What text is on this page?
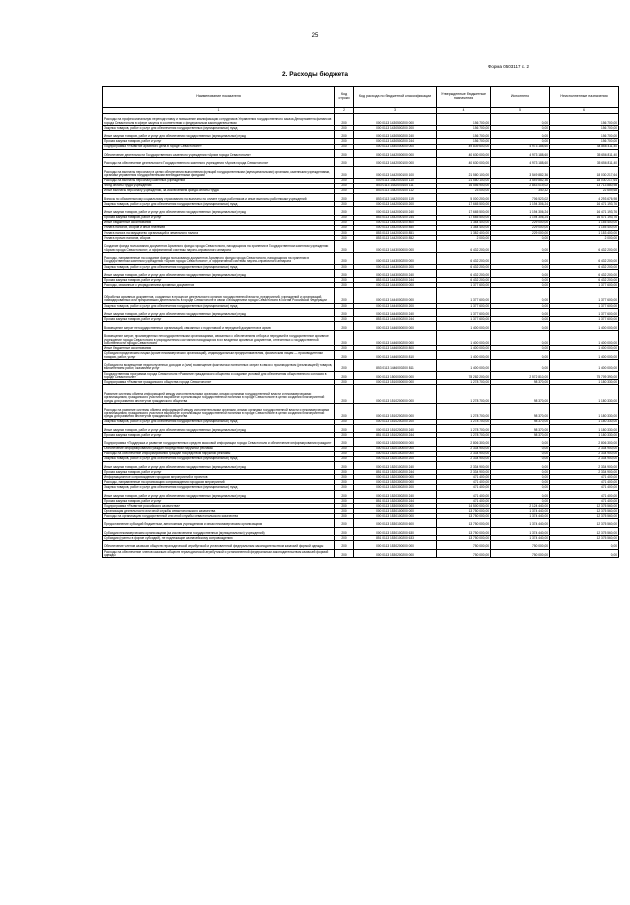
25
Форма 0503117 с. 2
2. Расходы бюджета
Наименование показателя	Код строки	Код расхода по бюджетной классификации	Утвержденные бюджетные назначения	Исполнено	Неисполненные назначения
1	2	3	4	5	6
Расходы на профессиональную переподготовку и повышение квалификации сотрудников Управления государственного заказа Департамента финансов города Севастополя в сфере закупок в соответствии с федеральным законодательством	200	000 0113 1430500200 000	156 700,00	0,00	156 700,00
Закупка товаров, работ и услуг для обеспечения государственных (муниципальных) нужд	200	000 0113 1430500200 200	156 700,00	0,00	156 700,00
Иные закупки товаров, работ и услуг для обеспечения государственных (муниципальных) нужд	200	000 0113 1430500200 240	156 700,00	0,00	156 700,00
Прочая закупка товаров, работ и услуг	200	000 0113 1430500200 244	156 700,00	0,00	156 700,00
Подпрограмма «Развитие архивного дела в городе Севастополе»	200	000 0113 1440000000 000	49 839 600,00	4 973 188,60	44 866 411,40
Обеспечение деятельности Государственного казенного учреждения «Архив города Севастополя»	200	000 0113 1442000000 000	40 630 000,00	4 973 188,60	35 656 811,40
Расходы на обеспечение деятельности Государственного казенного учреждения «Архив города Севастополя»	200	000 0113 1442000100 000	40 630 000,00	4 973 188,60	35 656 811,40
Расходы на выплаты персоналу в целях обеспечения выполнения функций государственными (муниципальными) органами, казенными учреждениями, органами управления государственными внебюджетными фондами	200	000 0113 1442000100 100	21 580 100,00	3 549 882,36	18 030 217,64
Расходы на выплаты персоналу казенных учреждений	200	000 0113 1442000100 110	21 580 100,00	3 549 882,36	18 030 217,64
Фонд оплаты труда учреждений	200	853 0113 1442000100 111	16 556 900,00	2 843 019,02	13 713 880,98
Иные выплаты персоналу учреждений, за исключением фонда оплаты труда	200	853 0113 1442000100 112	23 000,00	340,32	22 659,68
Взносы по обязательному социальному страхованию на выплаты по оплате труда работников и иные выплаты работникам учреждений	200	853 0113 1442000100 119	5 000 200,00	706 523,02	4 293 676,98
Закупка товаров, работ и услуг для обеспечения государственных (муниципальных) нужд	200	000 0113 1442000100 200	17 665 500,00	1 194 306,24	16 471 193,76
Иные закупки товаров, работ и услуг для обеспечения государственных (муниципальных) нужд	200	000 0113 1442000100 240	17 665 500,00	1 194 306,24	16 471 193,76
Прочая закупка товаров, работ и услуг	200	853 0113 1442000100 244	17 665 500,00	1 194 306,24	16 471 193,76
Иные бюджетные ассигнования	200	000 0113 1442000100 800	1 384 400,00	229 000,00	1 155 400,00
Уплата налогов, сборов и иных платежей	200	000 0113 1442000100 850	1 384 400,00	229 000,00	1 155 400,00
Уплата налога на имущество организаций и земельного налога	200	853 0113 1442000100 851	1 382 400,00	229 000,00	1 153 400,00
Уплата прочих налогов, сборов	200	853 0113 1442000100 852	2 000,00	0,00	2 000,00
Создание фонда пользования документов Архивного фонда города Севастополя, находящихся на хранении в Государственном казенном учреждении «Архив города Севастополя», и эффективной системы научно-справочного аппарата	200	000 0113 1443000000 000	6 432 200,00	0,00	6 432 200,00
Расходы, направленные на создание фонда пользования документов Архивного фонда города Севастополя, находящихся на хранении в Государственном казенном учреждении «Архив города Севастополя», и эффективной системы научно-справочного аппарата	200	000 0113 1443000200 000	6 432 200,00	0,00	6 432 200,00
Закупка товаров, работ и услуг для обеспечения государственных (муниципальных) нужд	200	000 0113 1443000200 200	6 432 200,00	0,00	6 432 200,00
Иные закупки товаров, работ и услуг для обеспечения государственных (муниципальных) нужд	200	000 0113 1443000200 240	6 432 200,00	0,00	6 432 200,00
Прочая закупка товаров, работ и услуг	200	853 0113 1443000200 244	6 432 200,00	0,00	6 432 200,00
Расходы, связанные с упорядочением архивных документов	200	000 0113 1444000000 000	1 377 600,00	0,00	1 377 600,00
Обработка архивных документов, созданных в процессе деятельности органов государственной власти, предприятий, учреждений и организаций, ликвидированных или прекративших деятельность в городе Севастополе в связи с вхождением города Севастополя в состав Российской Федерации	200	000 0113 1444000200 000	1 377 600,00	0,00	1 377 600,00
Закупка товаров, работ и услуг для обеспечения государственных (муниципальных) нужд	200	000 0113 1444000200 200	1 377 600,00	0,00	1 377 600,00
Иные закупки товаров, работ и услуг для обеспечения государственных (муниципальных) нужд	200	000 0113 1444000200 240	1 377 600,00	0,00	1 377 600,00
Прочая закупка товаров, работ и услуг	200	853 0113 1444000200 244	1 377 600,00	0,00	1 377 600,00
Возмещение затрат негосударственных организаций, связанных с подготовкой и передачей документов в архив	200	000 0113 1446000000 000	1 400 000,00	0,00	1 400 000,00
Возмещение затрат, произведенных негосударственными организациями, связанных с обеспечением отбора и передачей в государственное архивное учреждение города Севастополя в упорядоченном состоянии находящихся в их владении архивных документов, отнесенных к государственной собственности города Севастополя	200	000 0113 1446000200 000	1 400 000,00	0,00	1 400 000,00
Иные бюджетные ассигнования	200	000 0113 1446000200 800	1 400 000,00	0,00	1 400 000,00
Субсидии юридическим лицам (кроме некоммерческих организаций), индивидуальным предпринимателям, физическим лицам — производителям товаров, работ, услуг	200	000 0113 1446000200 810	1 400 000,00	0,00	1 400 000,00
Субсидии на возмещение недополученных доходов и (или) возмещение фактически понесенных затрат в связи с производством (реализацией) товаров, выполнением работ, оказанием услуг	200	853 0113 1446000200 811	1 400 000,00	0,00	1 400 000,00
Государственная программа города Севастополя «Развитие гражданского общества и создание условий для обеспечения общественного согласия в городе Севастополе»	200	000 0113 1500000000 000	78 282 200,00	2 572 810,00	75 709 390,00
Подпрограмма «Развитие гражданского общества города Севастополя»	200	000 0113 1510000000 000	1 278 700,00	98 370,00	1 180 330,00
Развитие системы обмена информацией между исполнительными органами, иными органами государственной власти и некоммерческими организациями, гражданского участия в выработке и реализации государственной политики в городе Севастополе в целях создания благоприятной среды для развития институтов гражданского общества	200	000 0113 1510200000 000	1 278 700,00	98 370,00	1 180 330,00
Расходы на развитие системы обмена информацией между исполнительными органами, иными органами государственной власти и некоммерческими организациями, гражданского участия в выработке и реализации государственной политики в городе Севастополе в целях создания благоприятной среды для развития институтов гражданского общества	200	000 0113 1510200200 000	1 278 700,00	98 370,00	1 180 330,00
Закупка товаров, работ и услуг для обеспечения государственных (муниципальных) нужд	200	000 0113 1510200200 200	1 278 700,00	98 370,00	1 180 330,00
Иные закупки товаров, работ и услуг для обеспечения государственных (муниципальных) нужд	200	000 0113 1510200200 240	1 278 700,00	98 370,00	1 180 330,00
Прочая закупка товаров, работ и услуг	200	851 0113 1510200200 244	1 278 700,00	98 370,00	1 180 330,00
Подпрограмма «Поддержка и развитие государственных средств массовой информации города Севастополя и обеспечение информирования граждан»	200	000 0113 1520000000 000	2 806 300,00	0,00	2 806 300,00
Обеспечение информирования граждан посредством наружной рекламы	200	000 0113 1520100000 000	2 334 900,00	0,00	2 334 900,00
Расходы на обеспечение информирования граждан посредством наружной рекламы	200	000 0113 1520100200 000	2 334 900,00	0,00	2 334 900,00
Закупка товаров, работ и услуг для обеспечения государственных (муниципальных) нужд	200	000 0113 1520100200 200	2 334 900,00	0,00	2 334 900,00
Иные закупки товаров, работ и услуг для обеспечения государственных (муниципальных) нужд	200	000 0113 1520100200 240	2 334 900,00	0,00	2 334 900,00
Прочая закупка товаров, работ и услуг	200	851 0113 1520100200 244	2 334 900,00	0,00	2 334 900,00
Информационное сопровождение городских мероприятий и проектов	200	000 0113 1520300000 000	471 400,00	0,00	471 400,00
Расходы, направленные на организацию сопровождения городских мероприятий	200	000 0113 1520300200 000	471 400,00	0,00	471 400,00
Закупка товаров, работ и услуг для обеспечения государственных (муниципальных) нужд	200	000 0113 1520300200 200	471 400,00	0,00	471 400,00
Иные закупки товаров, работ и услуг для обеспечения государственных (муниципальных) нужд	200	000 0113 1520300200 240	471 400,00	0,00	471 400,00
Прочая закупка товаров, работ и услуг	200	851 0113 1520300200 244	471 400,00	0,00	471 400,00
Подпрограмма «Развитие российского казачества»	200	000 0113 1530000000 000	14 500 000,00	2 124 440,00	12 375 560,00
Организация деятельности или иной службы севастопольского казачества	200	000 0113 1530100000 000	13 750 000,00	1 374 440,00	12 375 560,00
Расходы на организацию государственной или иной службы севастопольского казачества	200	000 0113 1530100200 000	13 750 000,00	1 374 440,00	12 375 560,00
Предоставление субсидий бюджетным, автономным учреждениям и иным некоммерческим организациям	200	000 0113 1530100200 600	13 750 000,00	1 374 440,00	12 375 560,00
Субсидии некоммерческим организациям (за исключением государственных (муниципальных) учреждений)	200	000 0113 1530100200 630	13 750 000,00	1 374 440,00	12 375 560,00
Субсидии (гранты в форме субсидий), не подлежащие казначейскому сопровождению	200	851 0113 1530100200 633	13 750 000,00	1 374 440,00	12 375 560,00
Обеспечение членов казачьих обществ геральдической атрибутикой и установленной федеральным законодательством казачьей формой одежды	200	000 0113 1530200000 000	750 000,00	750 000,00	0,00
Расходы на обеспечение членов казачьих обществ геральдической атрибутикой и установленной федеральным законодательством казачьей формой одежды	200	000 0113 1530200200 000	750 000,00	750 000,00	0,00
